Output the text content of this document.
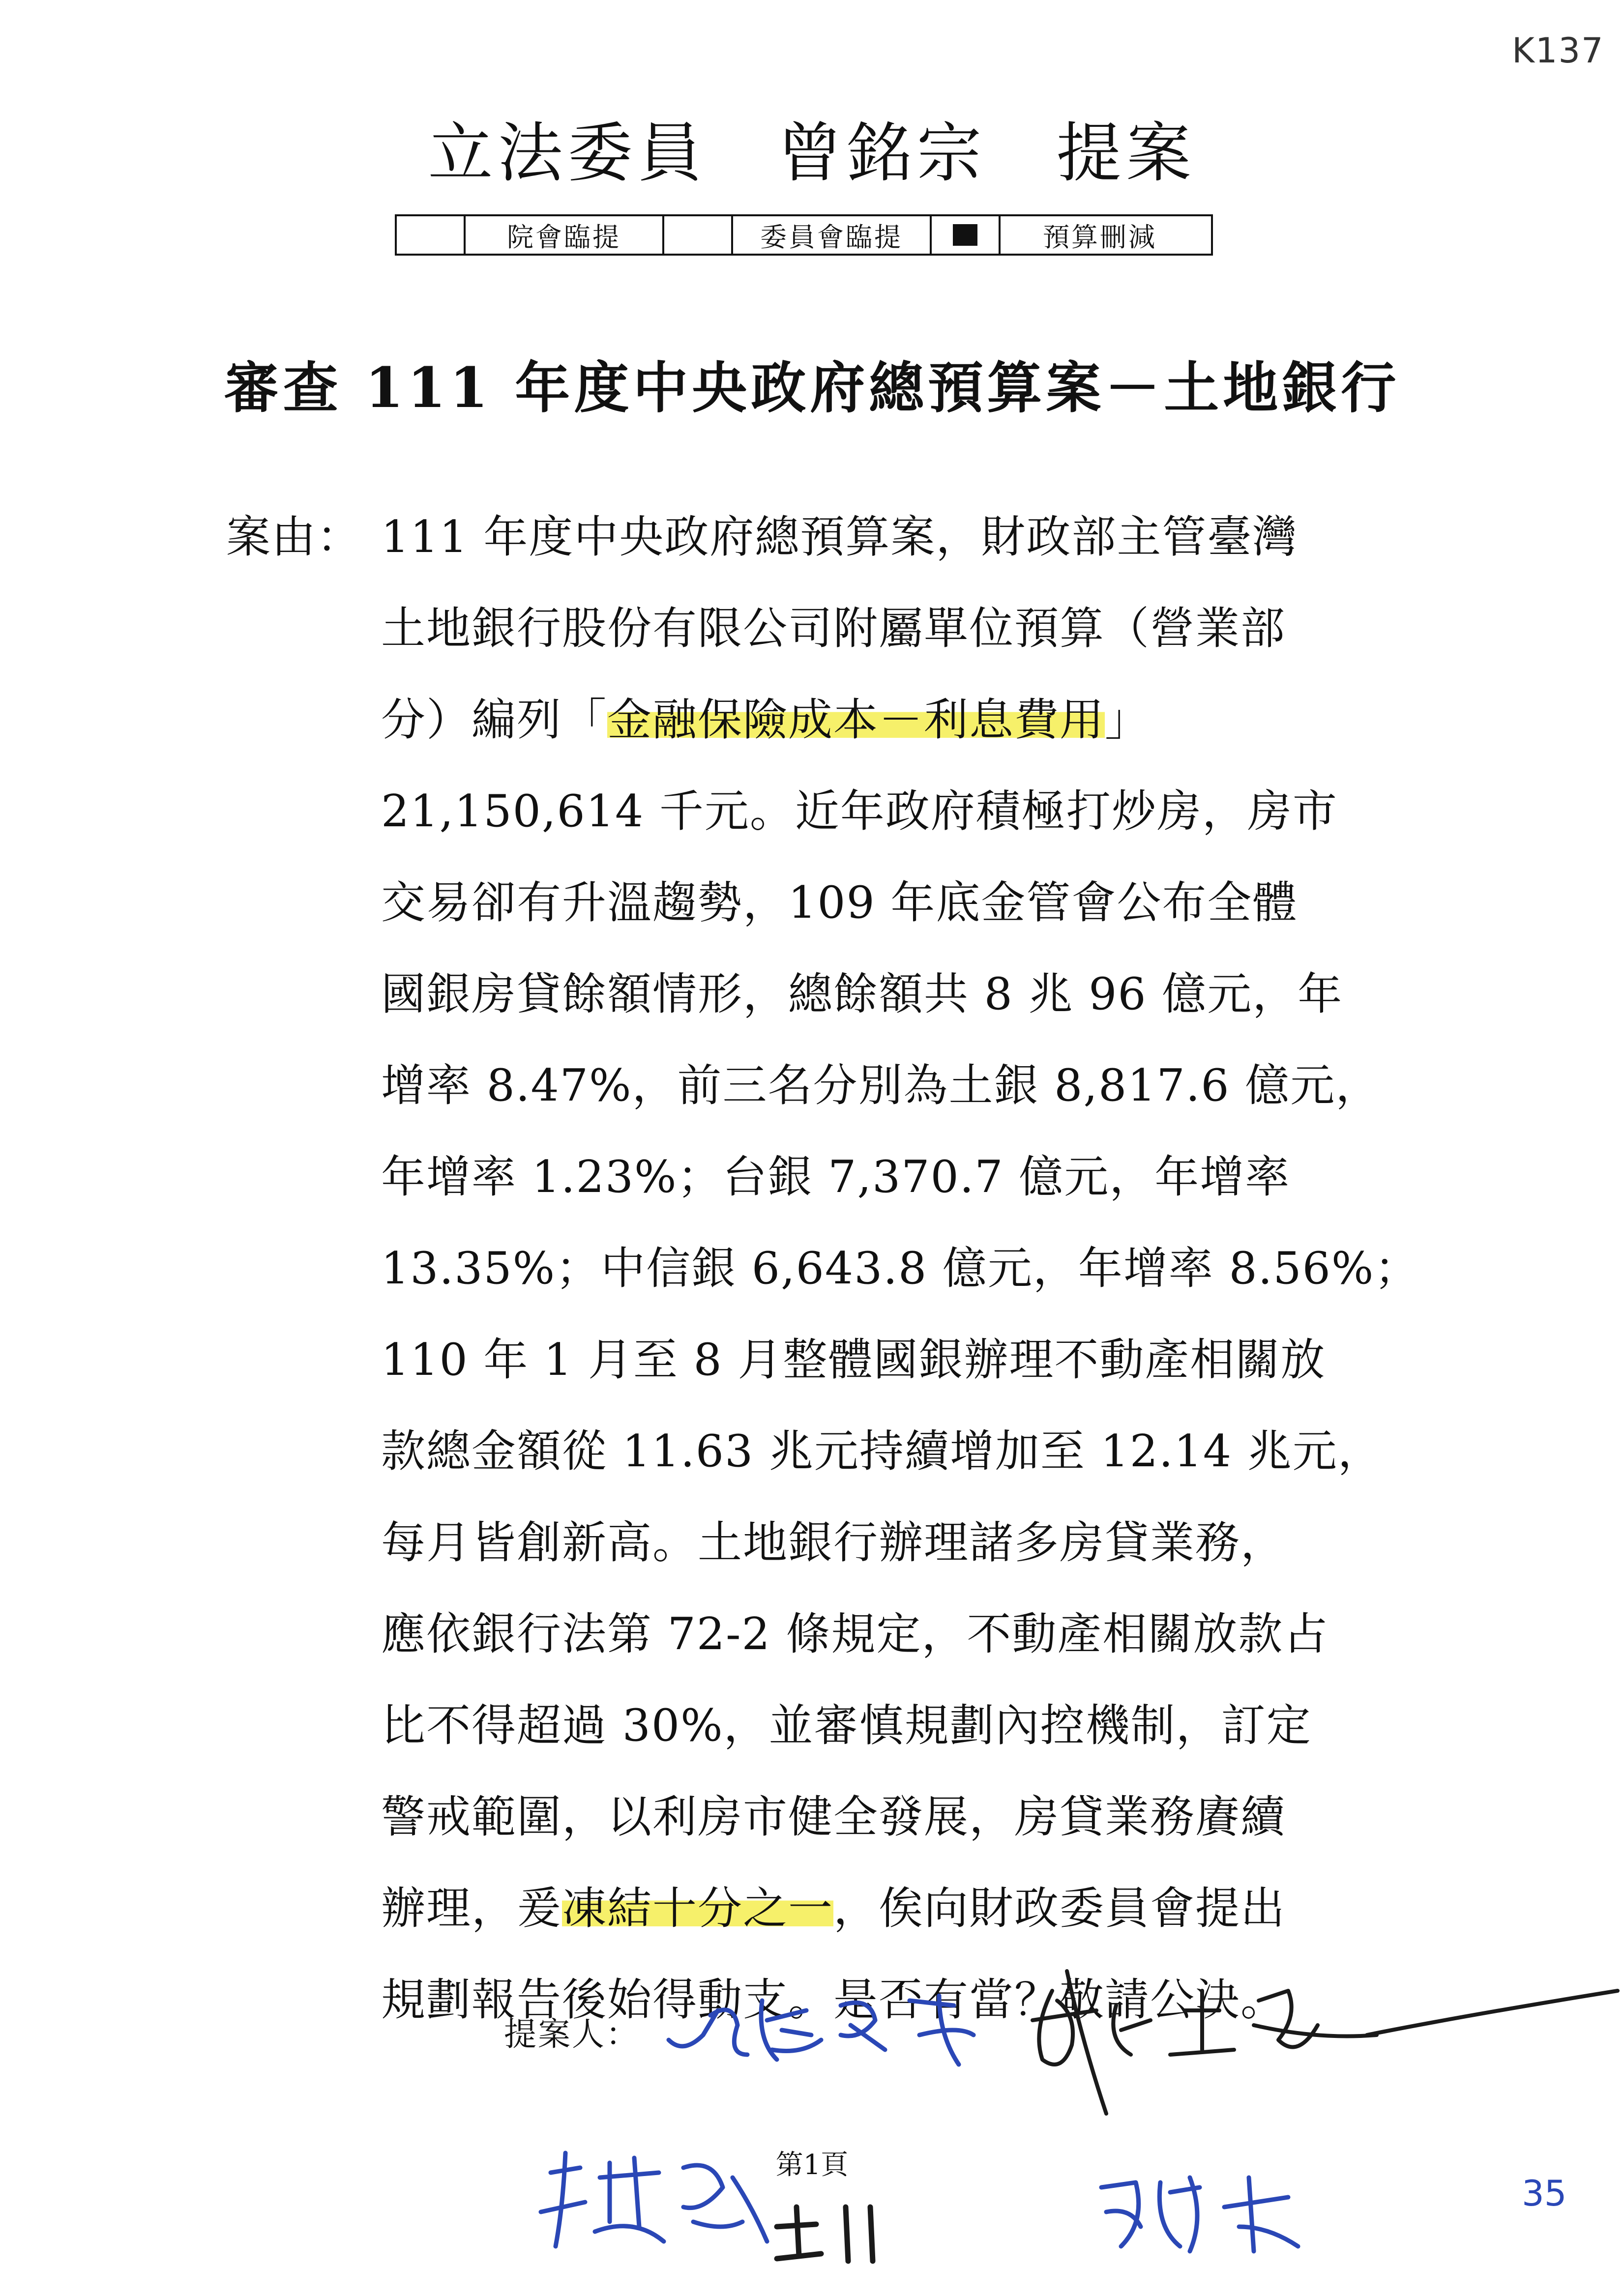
K137
立法委員　曾銘宗　提案
院會臨提	委員會臨提	預算刪減
審查 111 年度中央政府總預算案－土地銀行
案由： 111 年度中央政府總預算案，財政部主管臺灣
土地銀行股份有限公司附屬單位預算（營業部
分）編列「金融保險成本－利息費用」
21,150,614 千元。近年政府積極打炒房，房市
交易卻有升溫趨勢，109 年底金管會公布全體
國銀房貸餘額情形，總餘額共 8 兆 96 億元，年
增率 8.47%，前三名分別為土銀 8,817.6 億元，
年增率 1.23%；台銀 7,370.7 億元，年增率
13.35%；中信銀 6,643.8 億元，年增率 8.56%；
110 年 1 月至 8 月整體國銀辦理不動產相關放
款總金額從 11.63 兆元持續增加至 12.14 兆元，
每月皆創新高。土地銀行辦理諸多房貸業務，
應依銀行法第 72-2 條規定，不動產相關放款占
比不得超過 30%，並審慎規劃內控機制，訂定
警戒範圍，以利房市健全發展，房貸業務賡續
辦理，爰凍結十分之一，俟向財政委員會提出
規劃報告後始得動支。是否有當？敬請公決。
提案人：
第1頁
35
